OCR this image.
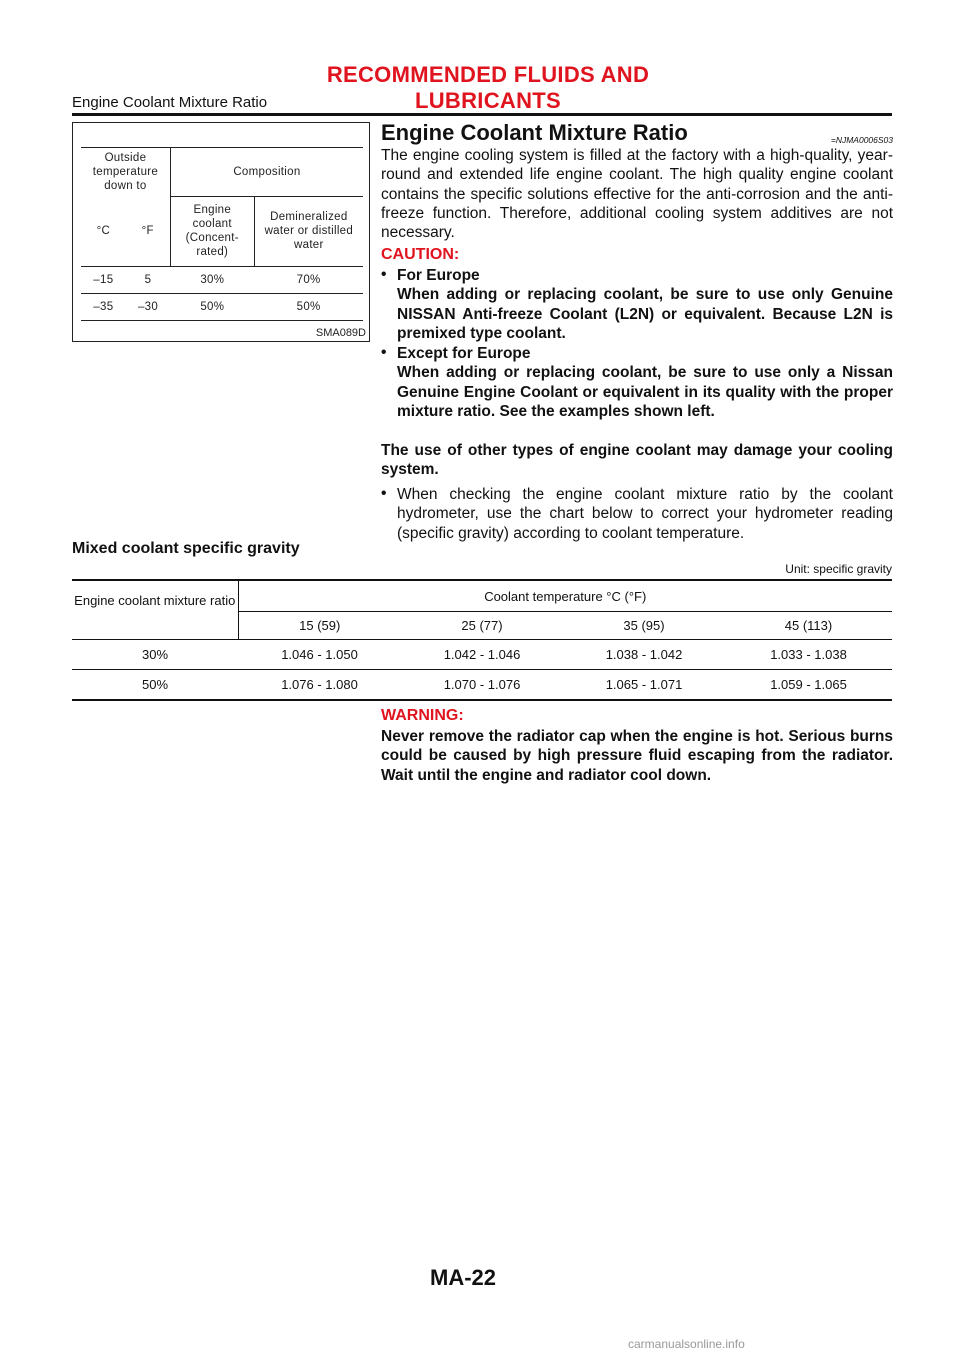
RECOMMENDED FLUIDS AND LUBRICANTS
Engine Coolant Mixture Ratio
Outside temperature down to		Composition	
°C	°F	Engine coolant (Concent- rated)	Demineralized water or distilled water
–15	5	30%	70%
–35	–30	50%	50%
SMA089D
Engine Coolant Mixture Ratio	=NJMA0006S03
The engine cooling system is filled at the factory with a high-quality, year-round and extended life engine coolant. The high quality engine coolant contains the specific solutions effective for the anti-corrosion and the anti-freeze function. Therefore, additional cooling system additives are not necessary.
CAUTION:
• For Europe

When adding or replacing coolant, be sure to use only Genuine NISSAN Anti-freeze Coolant (L2N) or equivalent. Because L2N is premixed type coolant.
• Except for Europe

When adding or replacing coolant, be sure to use only a Nissan Genuine Engine Coolant or equivalent in its quality with the proper mixture ratio. See the examples shown left.
The use of other types of engine coolant may damage your cooling system.
• When checking the engine coolant mixture ratio by the coolant hydrometer, use the chart below to correct your hydrometer reading (specific gravity) according to coolant temperature.
Mixed coolant specific gravity
Unit: specific gravity
Engine coolant mixture ratio	Coolant temperature °C (°F)			
	15 (59)	25 (77)	35 (95)	45 (113)
30%	1.046 - 1.050	1.042 - 1.046	1.038 - 1.042	1.033 - 1.038
50%	1.076 - 1.080	1.070 - 1.076	1.065 - 1.071	1.059 - 1.065
WARNING:
Never remove the radiator cap when the engine is hot. Serious burns could be caused by high pressure fluid escaping from the radiator. Wait until the engine and radiator cool down.
MA-22
carmanualsonline.info
